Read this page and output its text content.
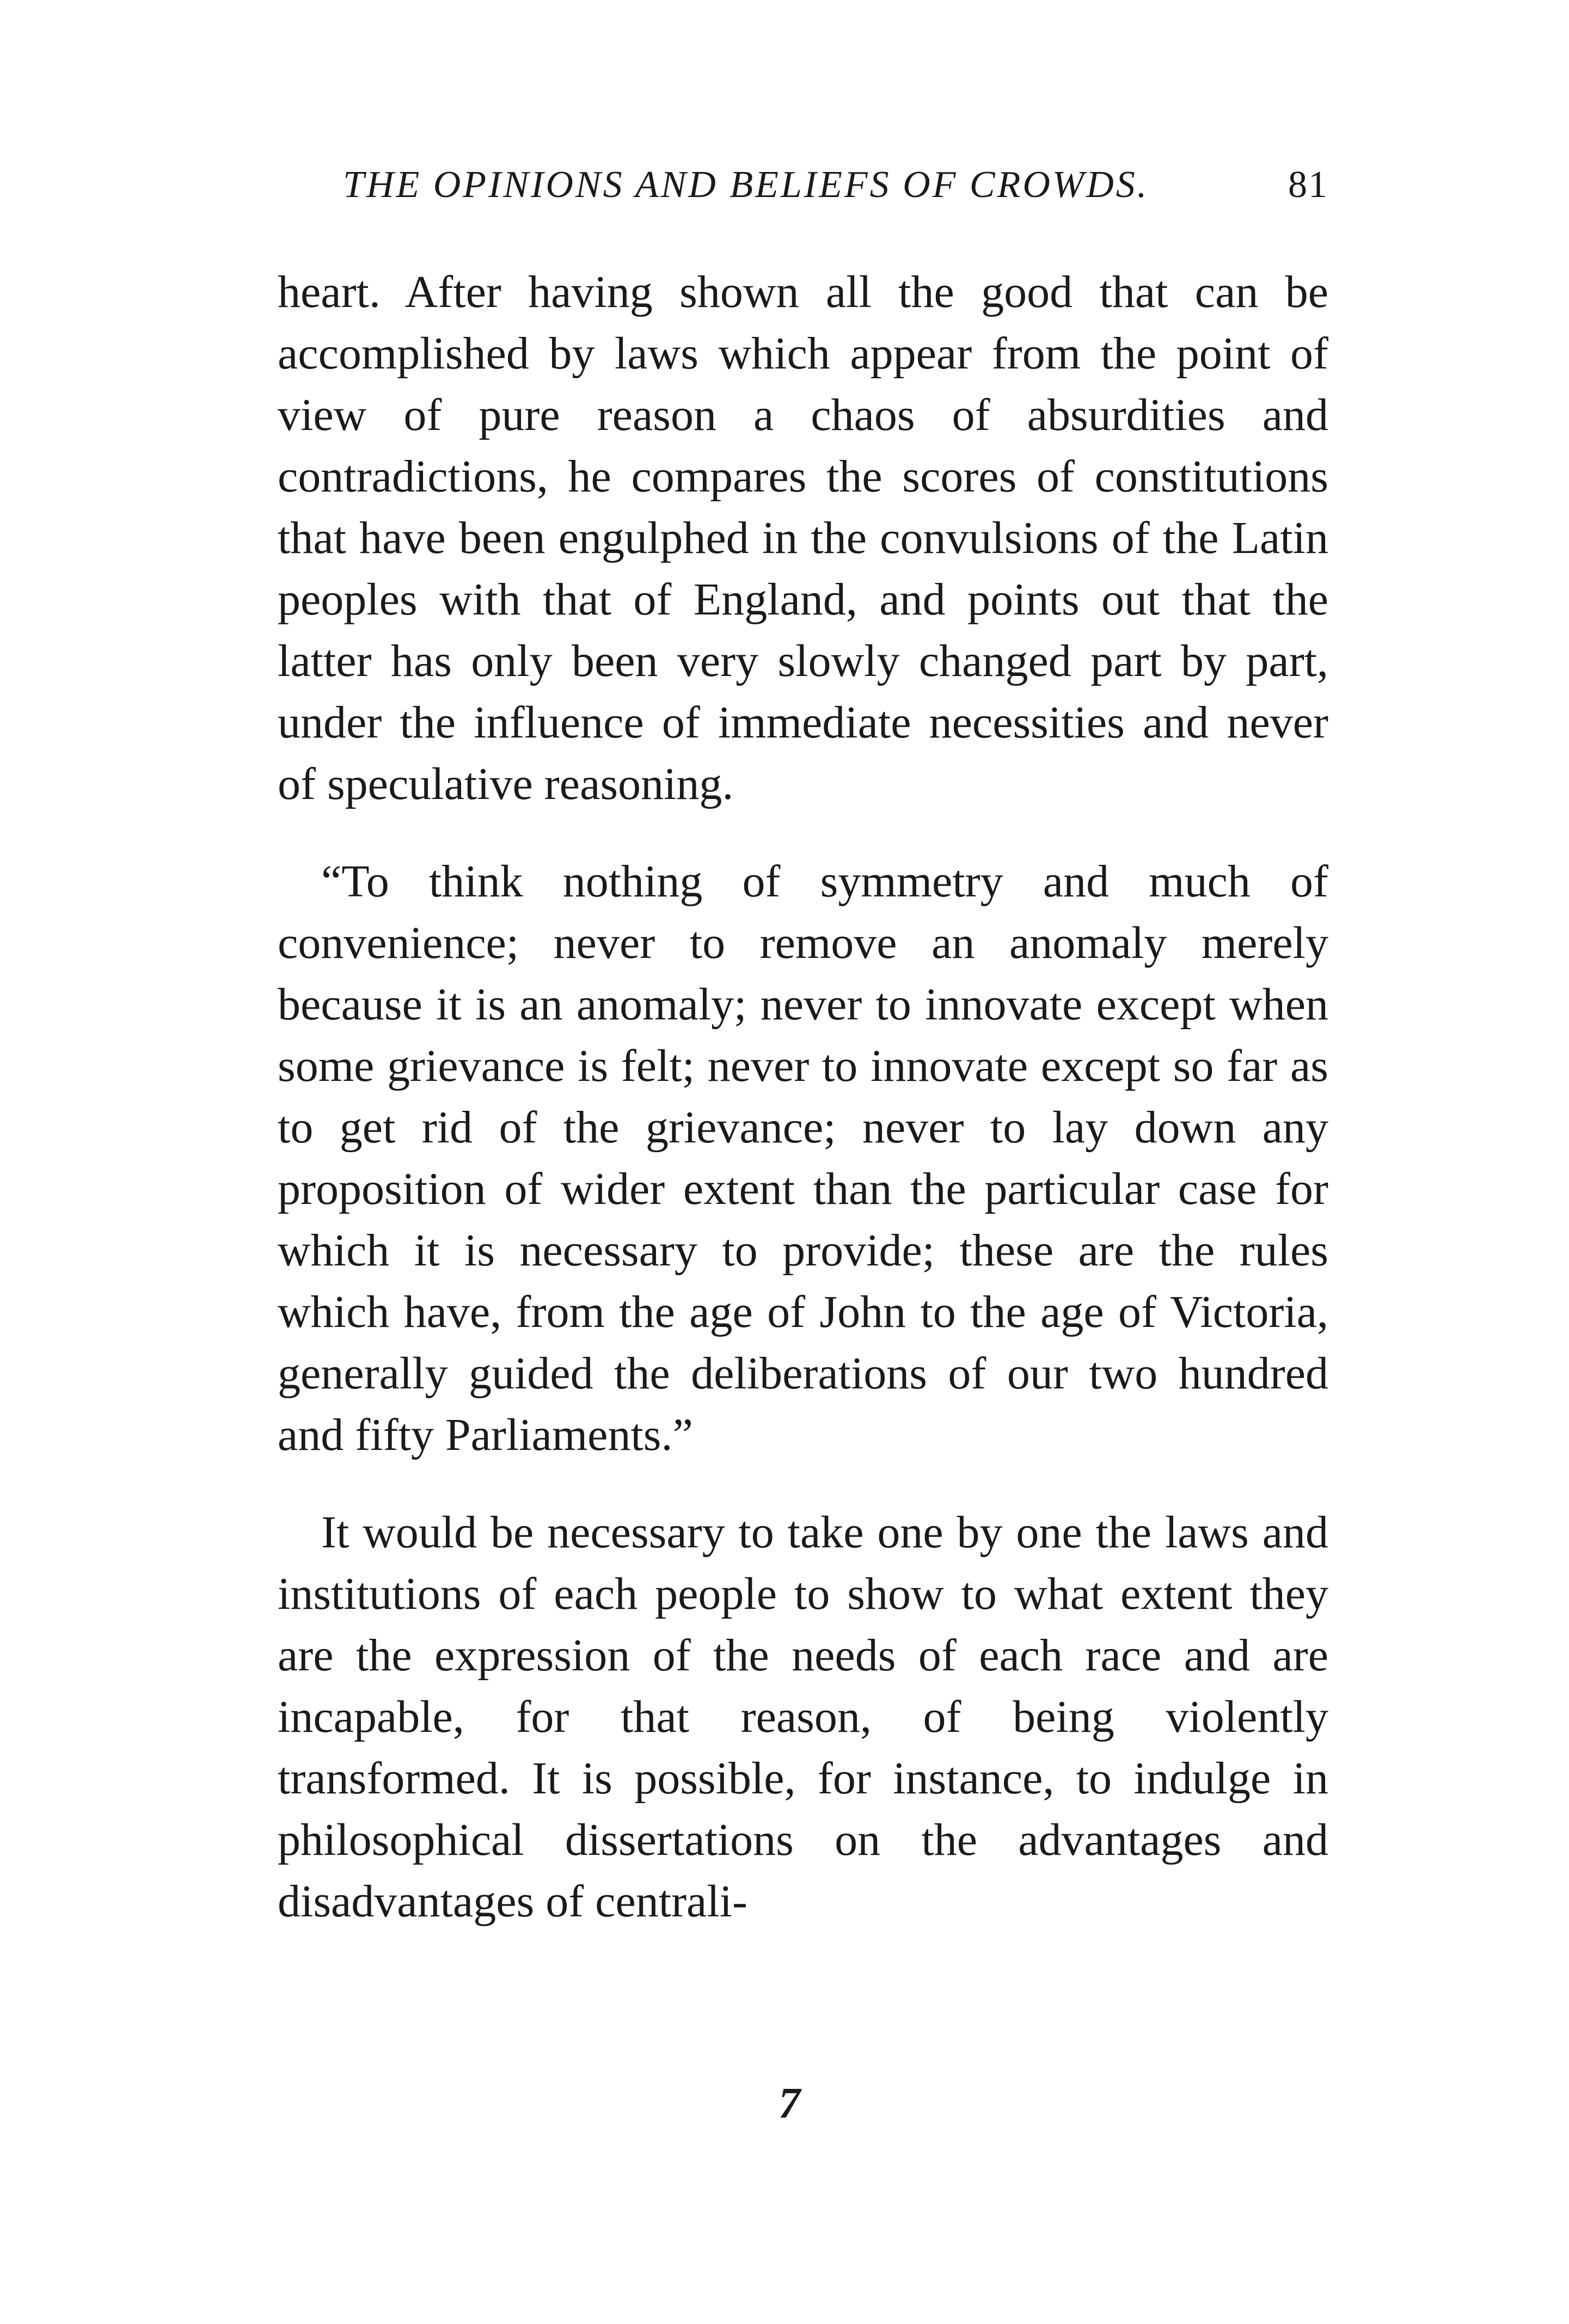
THE OPINIONS AND BELIEFS OF CROWDS.	81

heart. After having shown all the good that can be accomplished by laws which appear from the point of view of pure reason a chaos of absurdities and contradictions, he compares the scores of constitutions that have been engulphed in the convulsions of the Latin peoples with that of England, and points out that the latter has only been very slowly changed part by part, under the influence of immediate necessities and never of speculative reasoning.

“To think nothing of symmetry and much of convenience; never to remove an anomaly merely because it is an anomaly; never to innovate except when some grievance is felt; never to innovate except so far as to get rid of the grievance; never to lay down any proposition of wider extent than the particular case for which it is necessary to provide; these are the rules which have, from the age of John to the age of Victoria, generally guided the deliberations of our two hundred and fifty Parliaments.”

It would be necessary to take one by one the laws and institutions of each people to show to what extent they are the expression of the needs of each race and are incapable, for that reason, of being violently transformed. It is possible, for instance, to indulge in philosophical dissertations on the advantages and disadvantages of centrali-

7
